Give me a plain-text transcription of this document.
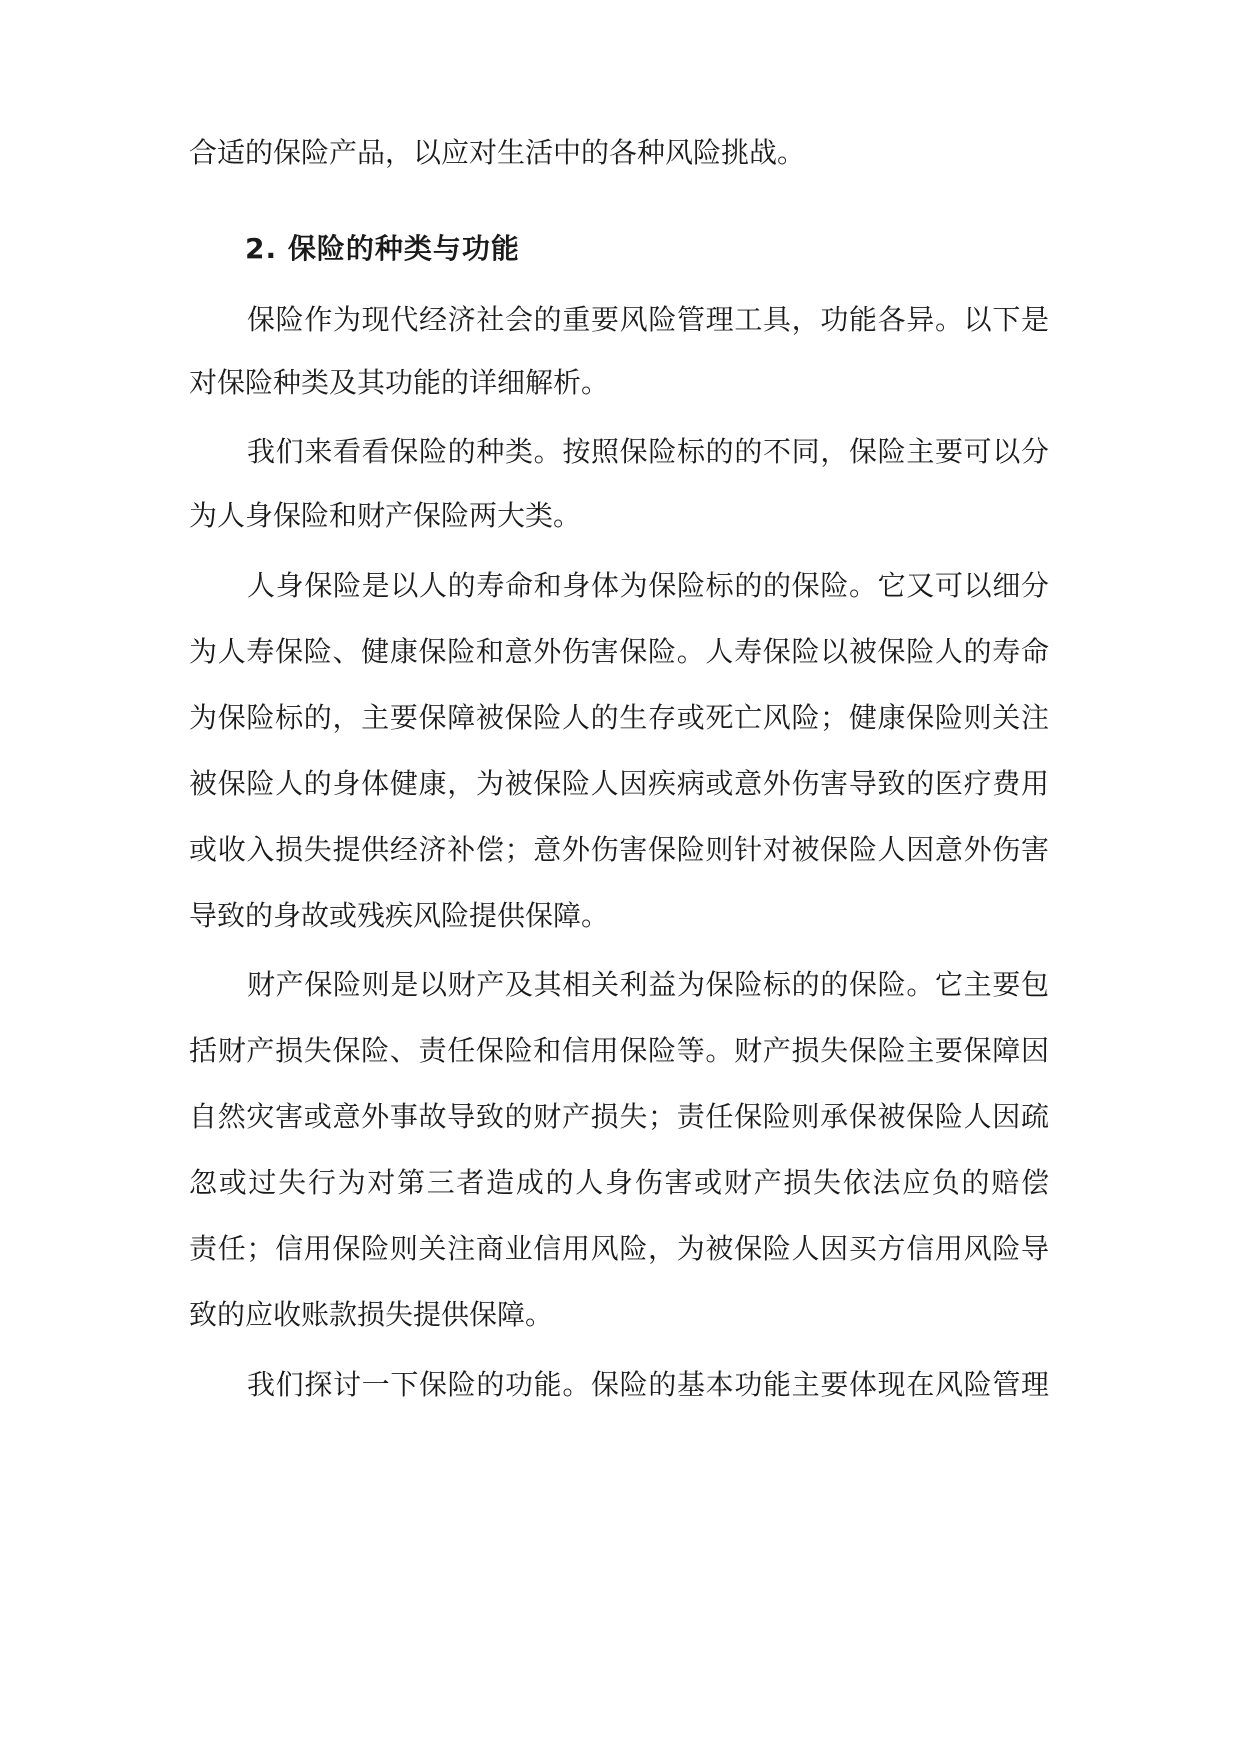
合适的保险产品，以应对生活中的各种风险挑战。
2. 保险的种类与功能
保险作为现代经济社会的重要风险管理工具，功能各异。以下是
对保险种类及其功能的详细解析。
我们来看看保险的种类。按照保险标的的不同，保险主要可以分
为人身保险和财产保险两大类。
人身保险是以人的寿命和身体为保险标的的保险。它又可以细分
为人寿保险、健康保险和意外伤害保险。人寿保险以被保险人的寿命
为保险标的，主要保障被保险人的生存或死亡风险；健康保险则关注
被保险人的身体健康，为被保险人因疾病或意外伤害导致的医疗费用
或收入损失提供经济补偿；意外伤害保险则针对被保险人因意外伤害
导致的身故或残疾风险提供保障。
财产保险则是以财产及其相关利益为保险标的的保险。它主要包
括财产损失保险、责任保险和信用保险等。财产损失保险主要保障因
自然灾害或意外事故导致的财产损失；责任保险则承保被保险人因疏
忽或过失行为对第三者造成的人身伤害或财产损失依法应负的赔偿
责任；信用保险则关注商业信用风险，为被保险人因买方信用风险导
致的应收账款损失提供保障。
我们探讨一下保险的功能。保险的基本功能主要体现在风险管理
